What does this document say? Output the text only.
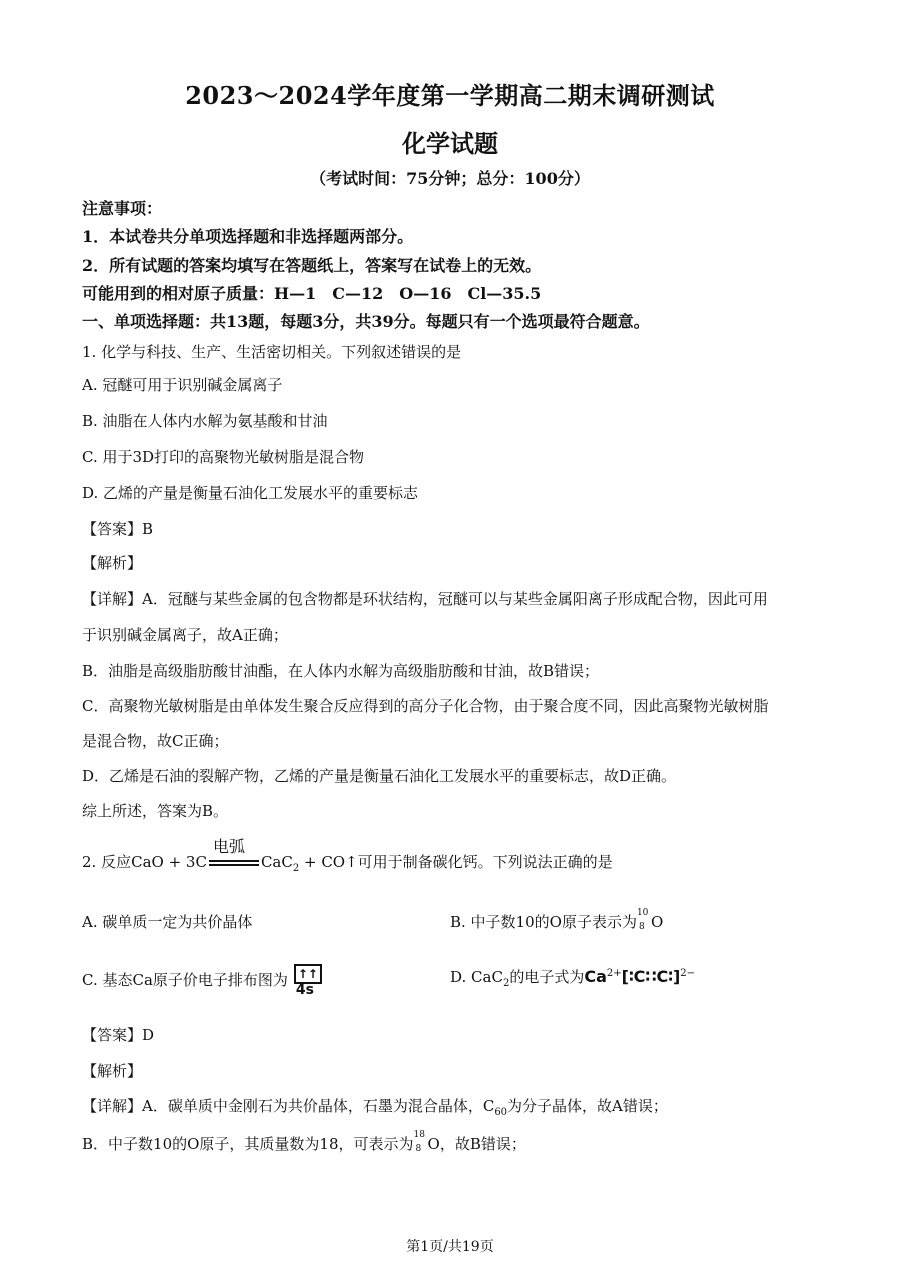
2023～2024学年度第一学期高二期末调研测试
化学试题
（考试时间：75分钟；总分：100分）
注意事项：
1．本试卷共分单项选择题和非选择题两部分。
2．所有试题的答案均填写在答题纸上，答案写在试卷上的无效。
可能用到的相对原子质量：H—1　C—12　O—16　Cl—35.5
一、单项选择题：共13题，每题3分，共39分。每题只有一个选项最符合题意。
1. 化学与科技、生产、生活密切相关。下列叙述错误的是
A. 冠醚可用于识别碱金属离子
B. 油脂在人体内水解为氨基酸和甘油
C. 用于3D打印的高聚物光敏树脂是混合物
D. 乙烯的产量是衡量石油化工发展水平的重要标志
【答案】B
【解析】
【详解】A．冠醚与某些金属的包含物都是环状结构，冠醚可以与某些金属阳离子形成配合物，因此可用
于识别碱金属离子，故A正确；
B．油脂是高级脂肪酸甘油酯，在人体内水解为高级脂肪酸和甘油，故B错误；
C．高聚物光敏树脂是由单体发生聚合反应得到的高分子化合物，由于聚合度不同，因此高聚物光敏树脂
是混合物，故C正确；
D．乙烯是石油的裂解产物，乙烯的产量是衡量石油化工发展水平的重要标志，故D正确。
综上所述，答案为B。
2. 反应CaO + 3C
电弧
CaC$_2$ + CO↑可用于制备碳化钙。下列说法正确的是
A. 碳单质一定为共价晶体	B. 中子数10的O原子表示为 10
8 O
C. 基态Ca原子价电子排布图为 ↑↑
4s
D. CaC$_2$的电子式为$Ca^{2+}[∶C∷C∶]^{2-}$
【答案】D
【解析】
【详解】A．碳单质中金刚石为共价晶体，石墨为混合晶体，$C_{60}$为分子晶体，故A错误；
B．中子数10的O原子，其质量数为18，可表示为 18
8 O，故B错误；
第1页/共19页
